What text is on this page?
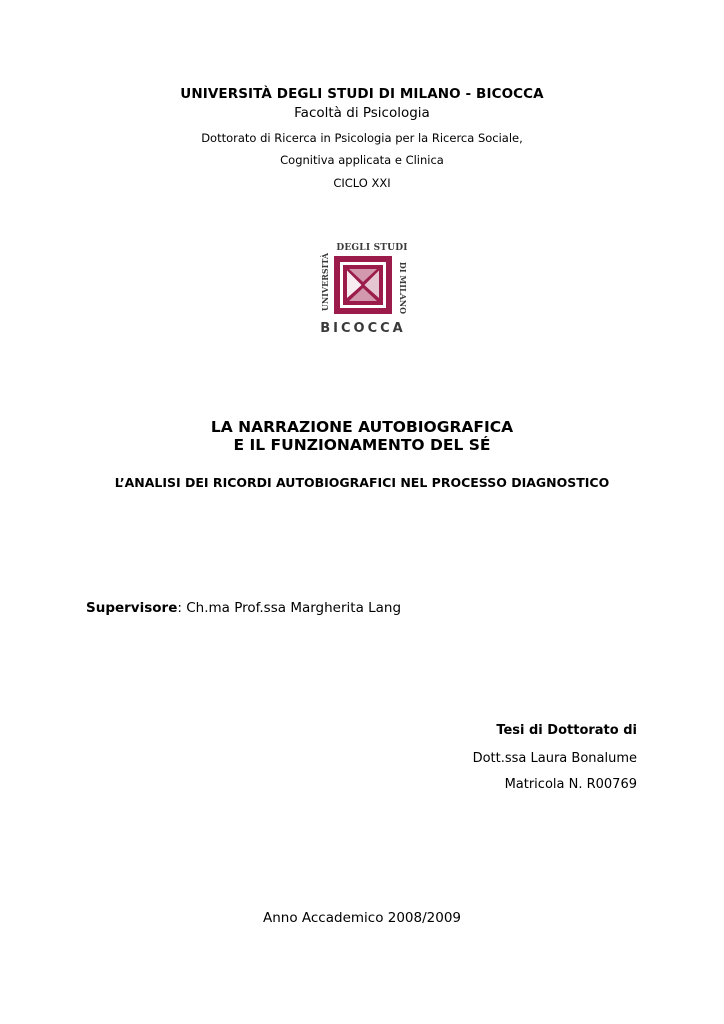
UNIVERSITÀ DEGLI STUDI DI MILANO - BICOCCA
Facoltà di Psicologia
Dottorato di Ricerca in Psicologia per la Ricerca Sociale,
Cognitiva applicata e Clinica
CICLO XXI
DEGLI STUDI
UNIVERSITÀ	DI MILANO
BICOCCA
LA NARRAZIONE AUTOBIOGRAFICA
E IL FUNZIONAMENTO DEL SÉ
L’ANALISI DEI RICORDI AUTOBIOGRAFICI NEL PROCESSO DIAGNOSTICO
Supervisore: Ch.ma Prof.ssa Margherita Lang
Tesi di Dottorato di
Dott.ssa Laura Bonalume
Matricola N. R00769
Anno Accademico 2008/2009
